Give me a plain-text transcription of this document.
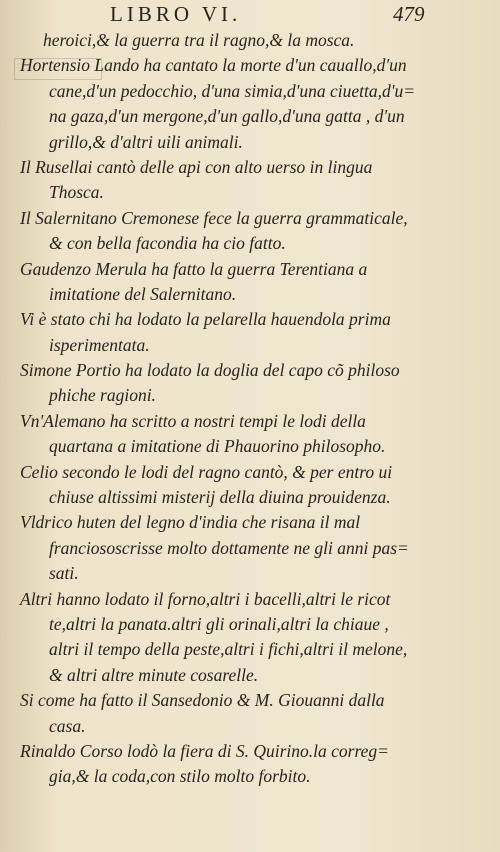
LIBRO VI.	479
heroici,& la guerra tra il ragno,& la mosca.
Hortensio Lando ha cantato la morte d'un cauallo,d'un
cane,d'un pedocchio, d'una simia,d'una ciuetta,d'u=
na gaza,d'un mergone,d'un gallo,d'una gatta , d'un
grillo,& d'altri uili animali.
Il Rusellai cantò delle api con alto uerso in lingua
Thosca.
Il Salernitano Cremonese fece la guerra grammaticale,
& con bella facondia ha cio fatto.
Gaudenzo Merula ha fatto la guerra Terentiana a
imitatione del Salernitano.
Vi è stato chi ha lodato la pelarella hauendola prima
isperimentata.
Simone Portio ha lodato la doglia del capo cõ philoso
phiche ragioni.
Vn'Alemano ha scritto a nostri tempi le lodi della
quartana a imitatione di Phauorino philosopho.
Celio secondo le lodi del ragno cantò, & per entro ui
chiuse altissimi misterij della diuina prouidenza.
Vldrico huten del legno d'india che risana il mal
franciososcrisse molto dottamente ne gli anni pas=
sati.
Altri hanno lodato il forno,altri i bacelli,altri le ricot
te,altri la panata.altri gli orinali,altri la chiaue ,
altri il tempo della peste,altri i fichi,altri il melone,
& altri altre minute cosarelle.
Si come ha fatto il Sansedonio & M. Giouanni dalla
casa.
Rinaldo Corso lodò la fiera di S. Quirino.la correg=
gia,& la coda,con stilo molto forbito.
